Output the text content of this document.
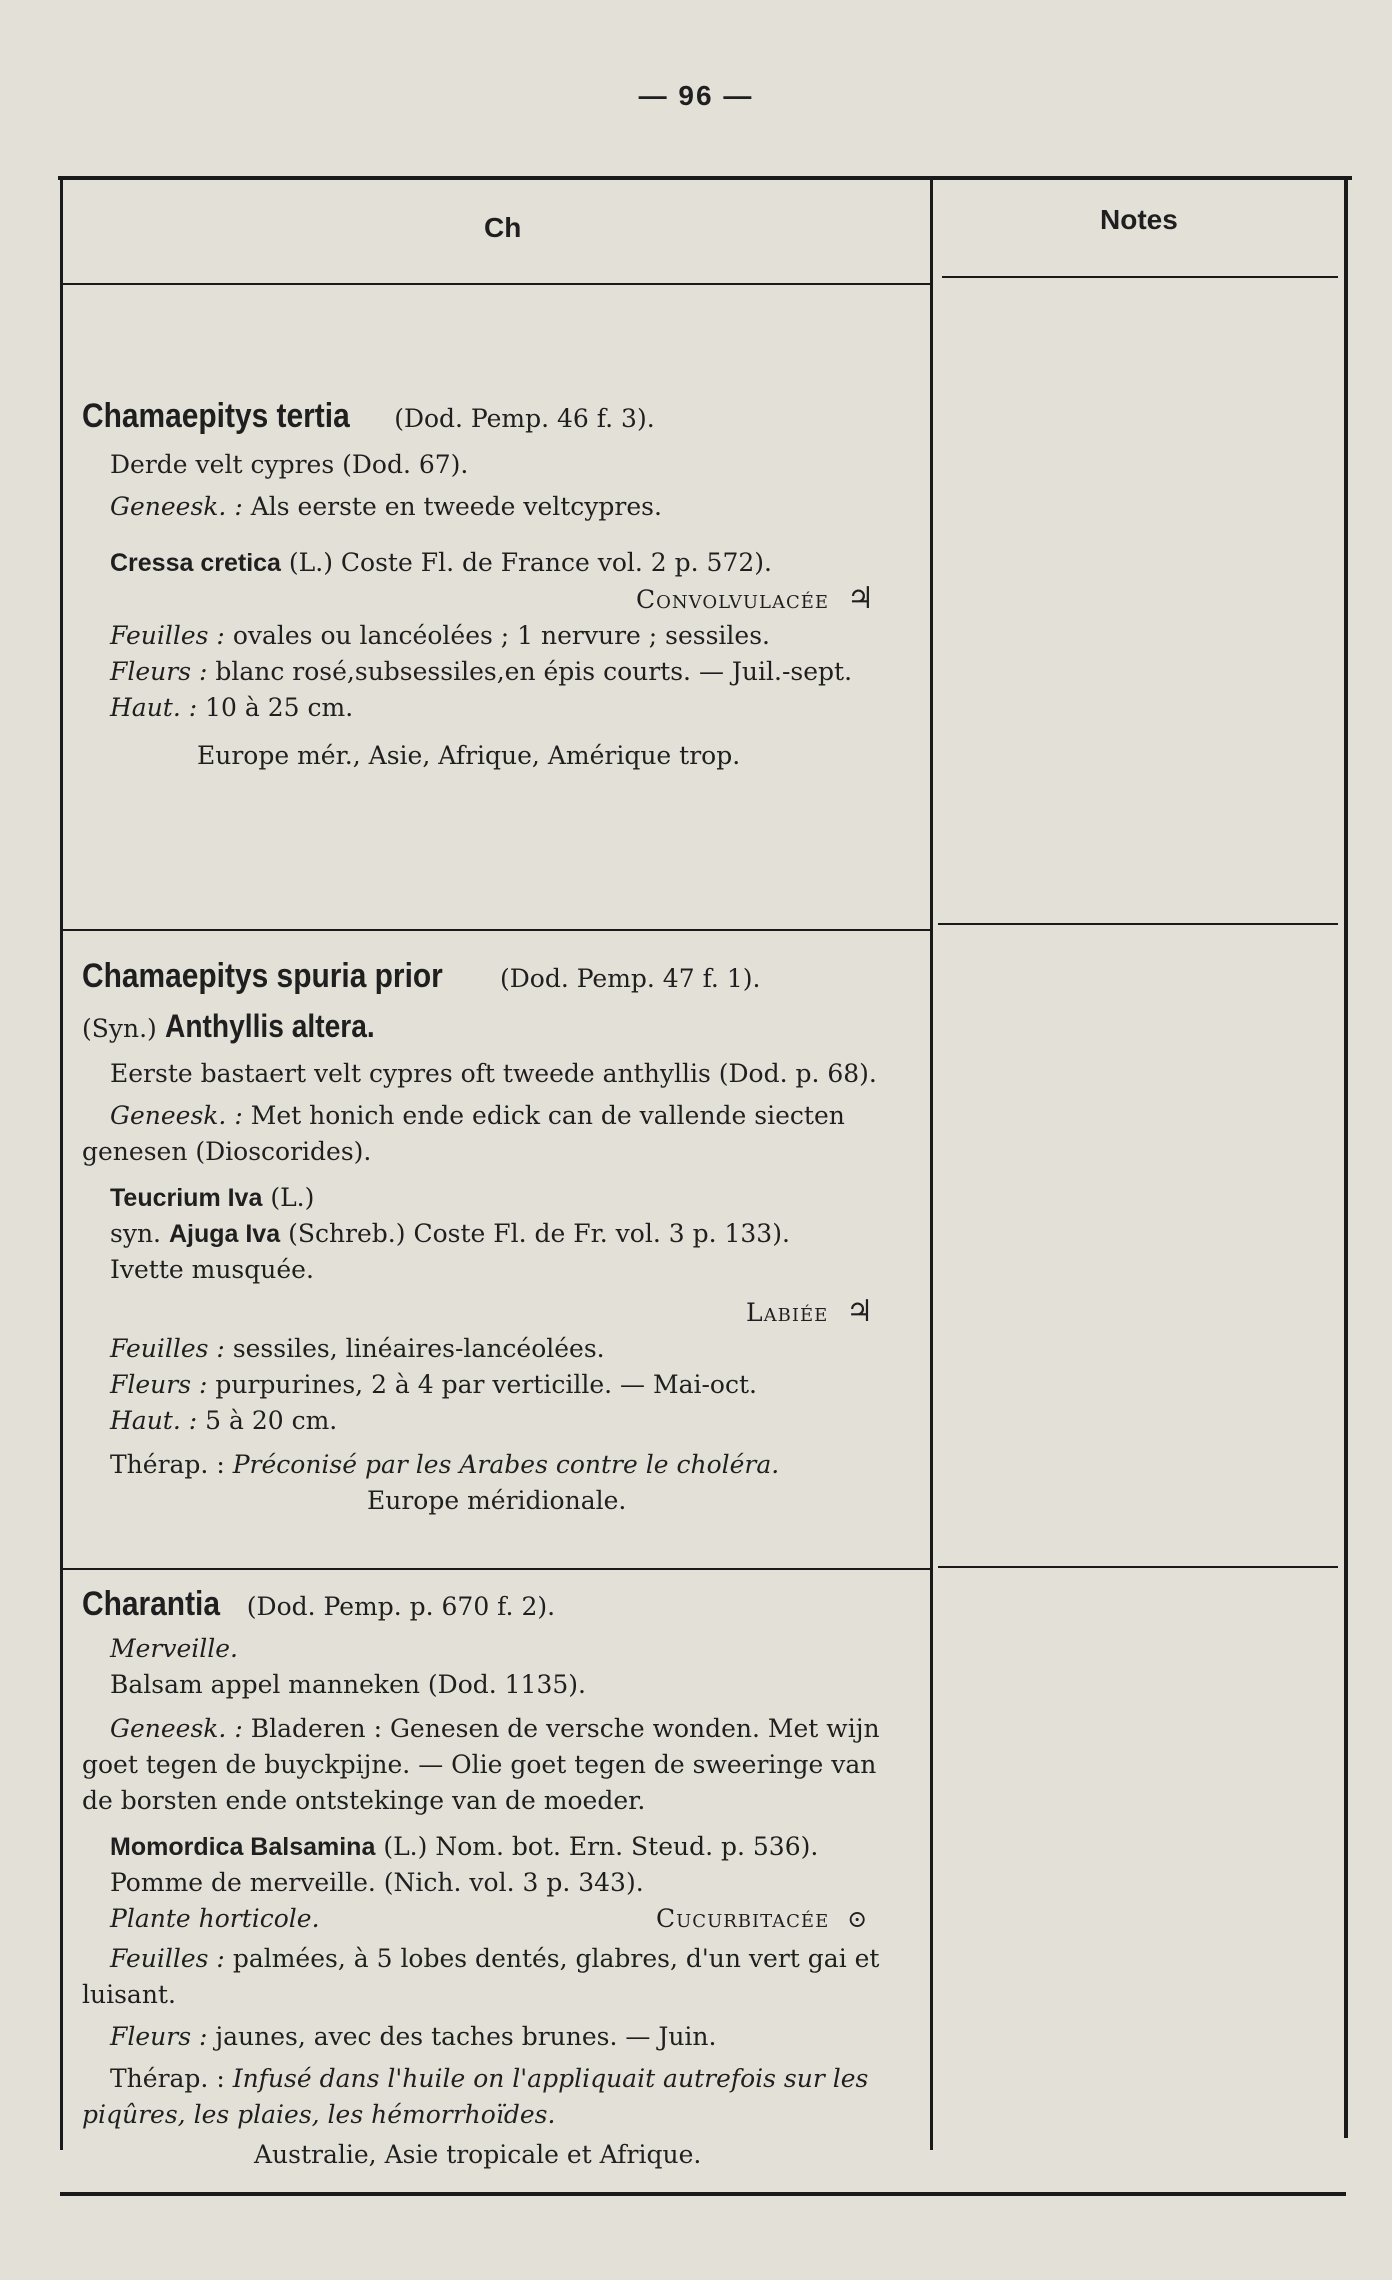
— 96 —
Ch	Notes
Chamaepitys tertia (Dod. Pemp. 46 f. 3).
Derde velt cypres (Dod. 67).
Geneesk. : Als eerste en tweede veltcypres.
Cressa cretica (L.) Coste Fl. de France vol. 2 p. 572).
Convolvulacée ♃
Feuilles : ovales ou lancéolées ; 1 nervure ; sessiles.
Fleurs : blanc rosé,subsessiles,en épis courts. — Juil.-sept.
Haut. : 10 à 25 cm.
Europe mér., Asie, Afrique, Amérique trop.
Chamaepitys spuria prior (Dod. Pemp. 47 f. 1).
(Syn.) Anthyllis altera.
Eerste bastaert velt cypres oft tweede anthyllis (Dod. p. 68).
Geneesk. : Met honich ende edick can de vallende siecten
genesen (Dioscorides).
Teucrium Iva (L.)
syn. Ajuga Iva (Schreb.) Coste Fl. de Fr. vol. 3 p. 133).
Ivette musquée.
Labiée ♃
Feuilles : sessiles, linéaires-lancéolées.
Fleurs : purpurines, 2 à 4 par verticille. — Mai-oct.
Haut. : 5 à 20 cm.
Thérap. : Préconisé par les Arabes contre le choléra.
Europe méridionale.
Charantia (Dod. Pemp. p. 670 f. 2).
Merveille.
Balsam appel manneken (Dod. 1135).
Geneesk. : Bladeren : Genesen de versche wonden. Met wijn goet tegen de buyckpijne. — Olie goet tegen de sweeringe van de borsten ende ontstekinge van de moeder.
Momordica Balsamina (L.) Nom. bot. Ern. Steud. p. 536).
Pomme de merveille. (Nich. vol. 3 p. 343).
Plante horticole.	Cucurbitacée ⊙
Feuilles : palmées, à 5 lobes dentés, glabres, d'un vert gai et luisant.
Fleurs : jaunes, avec des taches brunes. — Juin.
Thérap. : Infusé dans l'huile on l'appliquait autrefois sur les piqûres, les plaies, les hémorrhoïdes.
Australie, Asie tropicale et Afrique.
